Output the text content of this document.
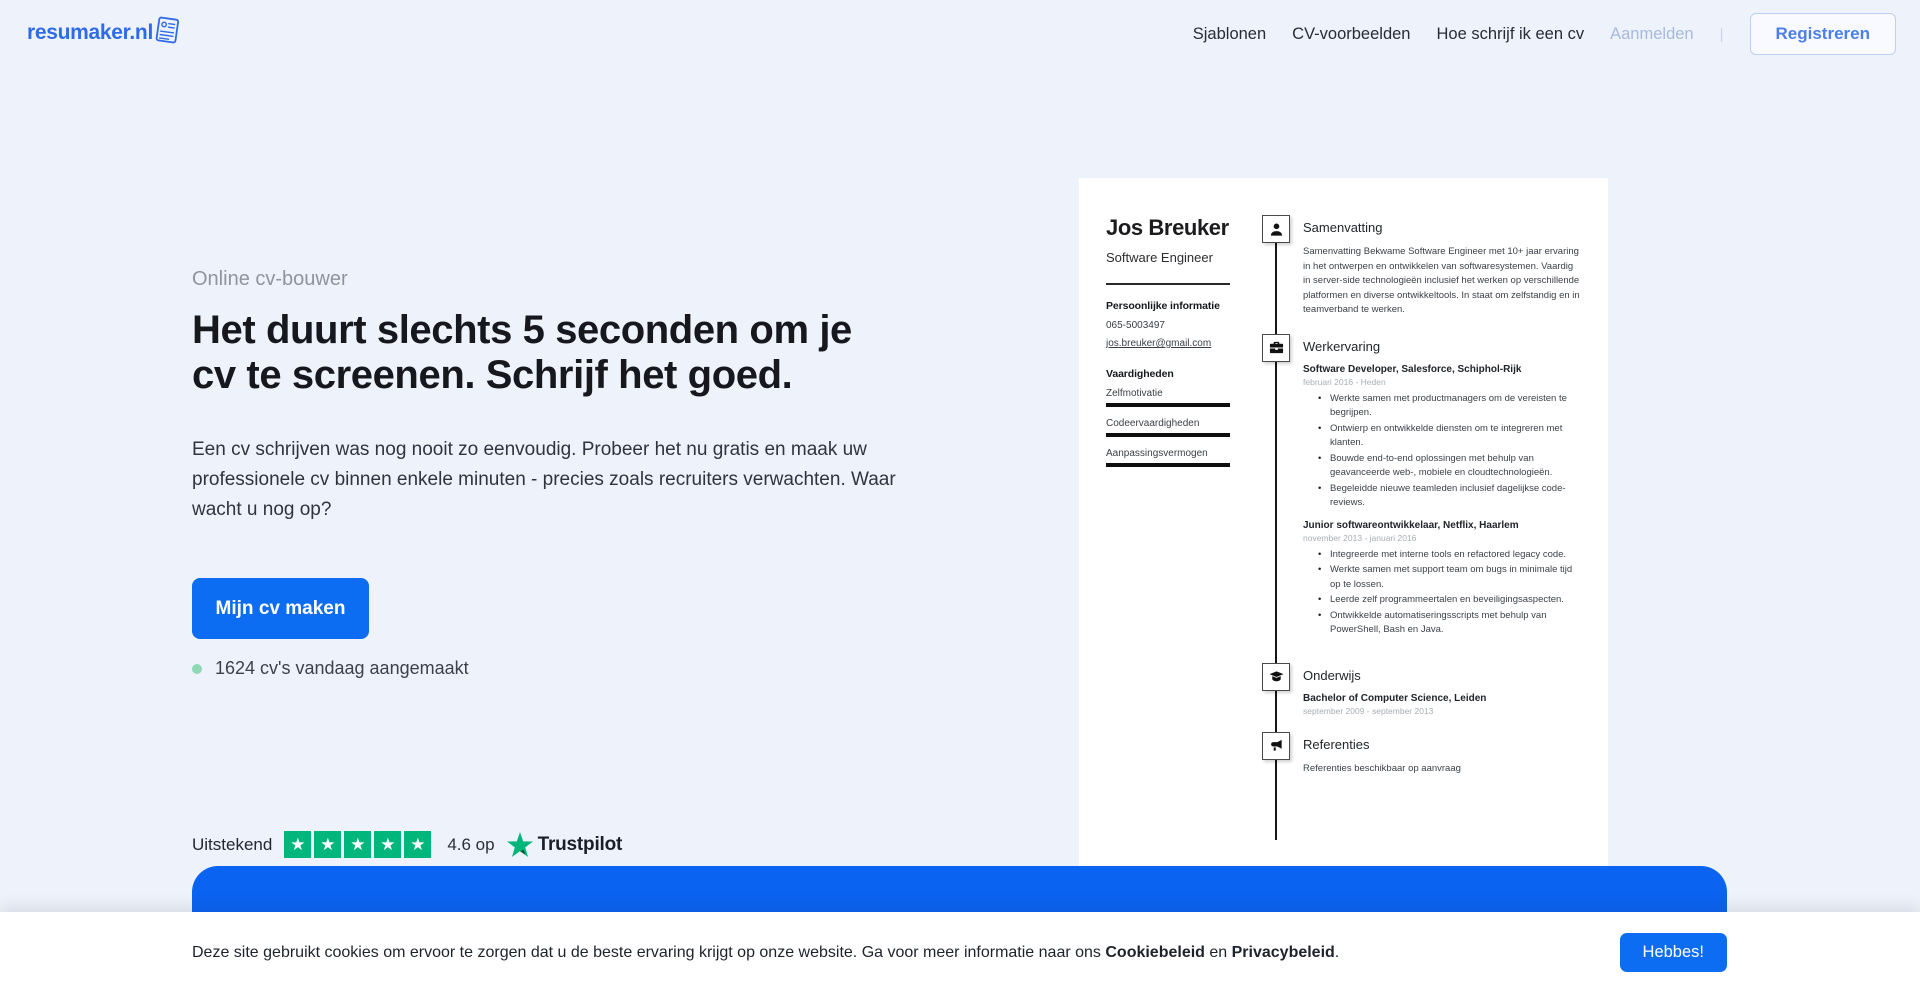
resumaker.nl	Sjablonen CV-voorbeelden Hoe schrijf ik een cv Aanmelden |	Registreren

Online cv-bouwer

Het duurt slechts 5 seconden om je
cv te screenen. Schrijf het goed.

Een cv schrijven was nog nooit zo eenvoudig. Probeer het nu gratis en maak uw professionele cv binnen enkele minuten - precies zoals recruiters verwachten. Waar wacht u nog op?

Mijn cv maken
1624 cv's vandaag aangemaakt
Uitstekend ★ ★ ★ ★ ★	4.6 op Trustpilot
Jos Breuker
Software Engineer
Persoonlijke informatie
065-5003497
jos.breuker@gmail.com
Vaardigheden
Zelfmotivatie
Codeervaardigheden
Aanpassingsvermogen
Samenvatting

Samenvatting Bekwame Software Engineer met 10+ jaar ervaring in het ontwerpen en ontwikkelen van softwaresystemen. Vaardig in server-side technologieën inclusief het werken op verschillende platformen en diverse ontwikkeltools. In staat om zelfstandig en in teamverband te werken.

Werkervaring
Software Developer, Salesforce, Schiphol-Rijk
februari 2016 - Heden
• Werkte samen met productmanagers om de vereisten te begrijpen.
• Ontwierp en ontwikkelde diensten om te integreren met klanten.
• Bouwde end-to-end oplossingen met behulp van geavanceerde web-, mobiele en cloudtechnologieën.
• Begeleidde nieuwe teamleden inclusief dagelijkse code-reviews.
Junior softwareontwikkelaar, Netflix, Haarlem
november 2013 - januari 2016
• Integreerde met interne tools en refactored legacy code.
• Werkte samen met support team om bugs in minimale tijd op te lossen.
• Leerde zelf programmeertalen en beveiligingsaspecten.
• Ontwikkelde automatiseringsscripts met behulp van PowerShell, Bash en Java.
Onderwijs
Bachelor of Computer Science, Leiden
september 2009 - september 2013
Referenties

Referenties beschikbaar op aanvraag

Deze site gebruikt cookies om ervoor te zorgen dat u de beste ervaring krijgt op onze website. Ga voor meer informatie naar ons Cookiebeleid en Privacybeleid.	Hebbes!
